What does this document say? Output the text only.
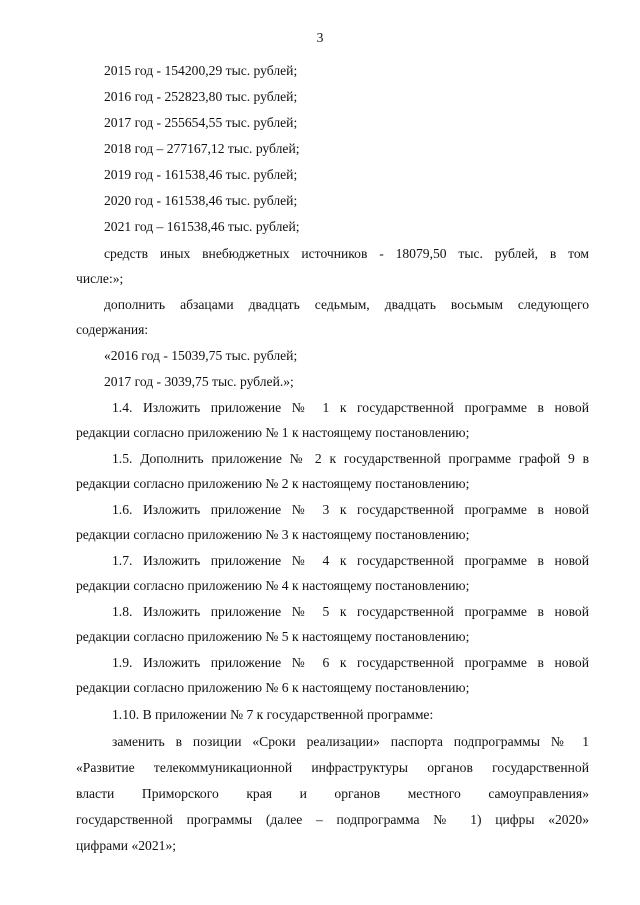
3
2015 год - 154200,29 тыс. рублей;
2016 год - 252823,80 тыс. рублей;
2017 год - 255654,55 тыс. рублей;
2018 год – 277167,12 тыс. рублей;
2019 год - 161538,46 тыс. рублей;
2020 год - 161538,46 тыс. рублей;
2021 год – 161538,46 тыс. рублей;
средств иных внебюджетных источников - 18079,50 тыс. рублей, в том
числе:»;
дополнить абзацами двадцать седьмым, двадцать восьмым следующего
содержания:
«2016 год - 15039,75 тыс. рублей;
2017 год - 3039,75 тыс. рублей.»;
1.4. Изложить приложение № 1 к государственной программе в новой
редакции согласно приложению № 1 к настоящему постановлению;
1.5. Дополнить приложение № 2 к государственной программе графой 9 в
редакции согласно приложению № 2 к настоящему постановлению;
1.6. Изложить приложение № 3 к государственной программе в новой
редакции согласно приложению № 3 к настоящему постановлению;
1.7. Изложить приложение № 4 к государственной программе в новой
редакции согласно приложению № 4 к настоящему постановлению;
1.8. Изложить приложение № 5 к государственной программе в новой
редакции согласно приложению № 5 к настоящему постановлению;
1.9. Изложить приложение № 6 к государственной программе в новой
редакции согласно приложению № 6 к настоящему постановлению;
1.10. В приложении № 7 к государственной программе:
заменить в позиции «Сроки реализации» паспорта подпрограммы № 1
«Развитие телекоммуникационной инфраструктуры органов государственной
власти Приморского края и органов местного самоуправления»
государственной программы (далее – подпрограмма № 1) цифры «2020»
цифрами «2021»;
